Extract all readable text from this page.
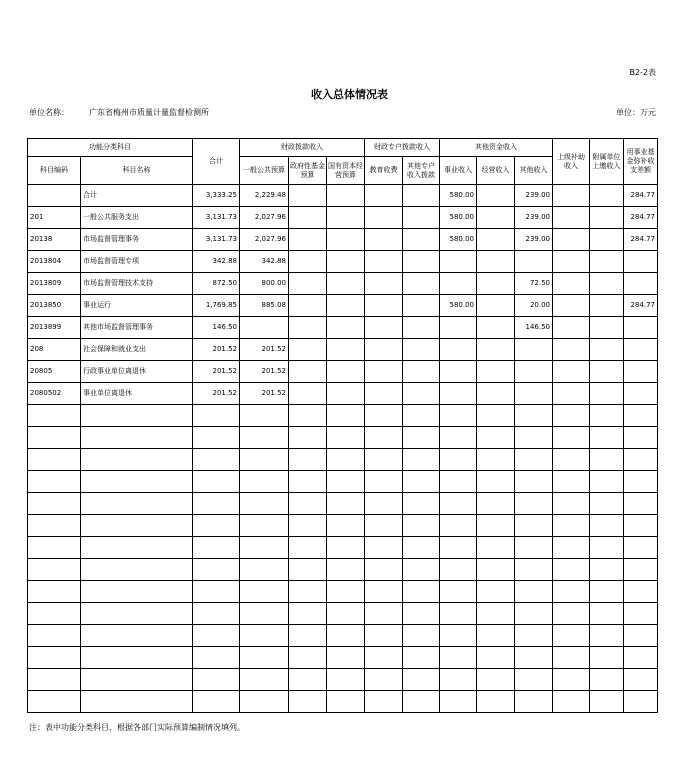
B2-2表
收入总体情况表
单位名称：	广东省梅州市质量计量监督检测所	单位：万元
功能分类科目		合计	财政拨款收入			财政专户拨款收入		其他资金收入			上级补助收入	附属单位上缴收入	用事业基金弥补收支差额
科目编码	科目名称		一般公共预算	政府性基金预算	国有资本经营预算	教育收费	其他专户收入拨款	事业收入	经营收入	其他收入			
	合计	3,333.25	2,229.48					580.00		239.00			284.77
201	一般公共服务支出	3,131.73	2,027.96					580.00		239.00			284.77
20138	市场监督管理事务	3,131.73	2,027.96					580.00		239.00			284.77
2013804	市场监督管理专项	342.88	342.88										
2013809	市场监督管理技术支持	872.50	800.00							72.50			
2013850	事业运行	1,769.85	885.08					580.00		20.00			284.77
2013899	其他市场监督管理事务	146.50								146.50			
208	社会保障和就业支出	201.52	201.52										
20805	行政事业单位离退休	201.52	201.52										
2080502	事业单位离退休	201.52	201.52										

注：表中功能分类科目，根据各部门实际预算编制情况填列。
